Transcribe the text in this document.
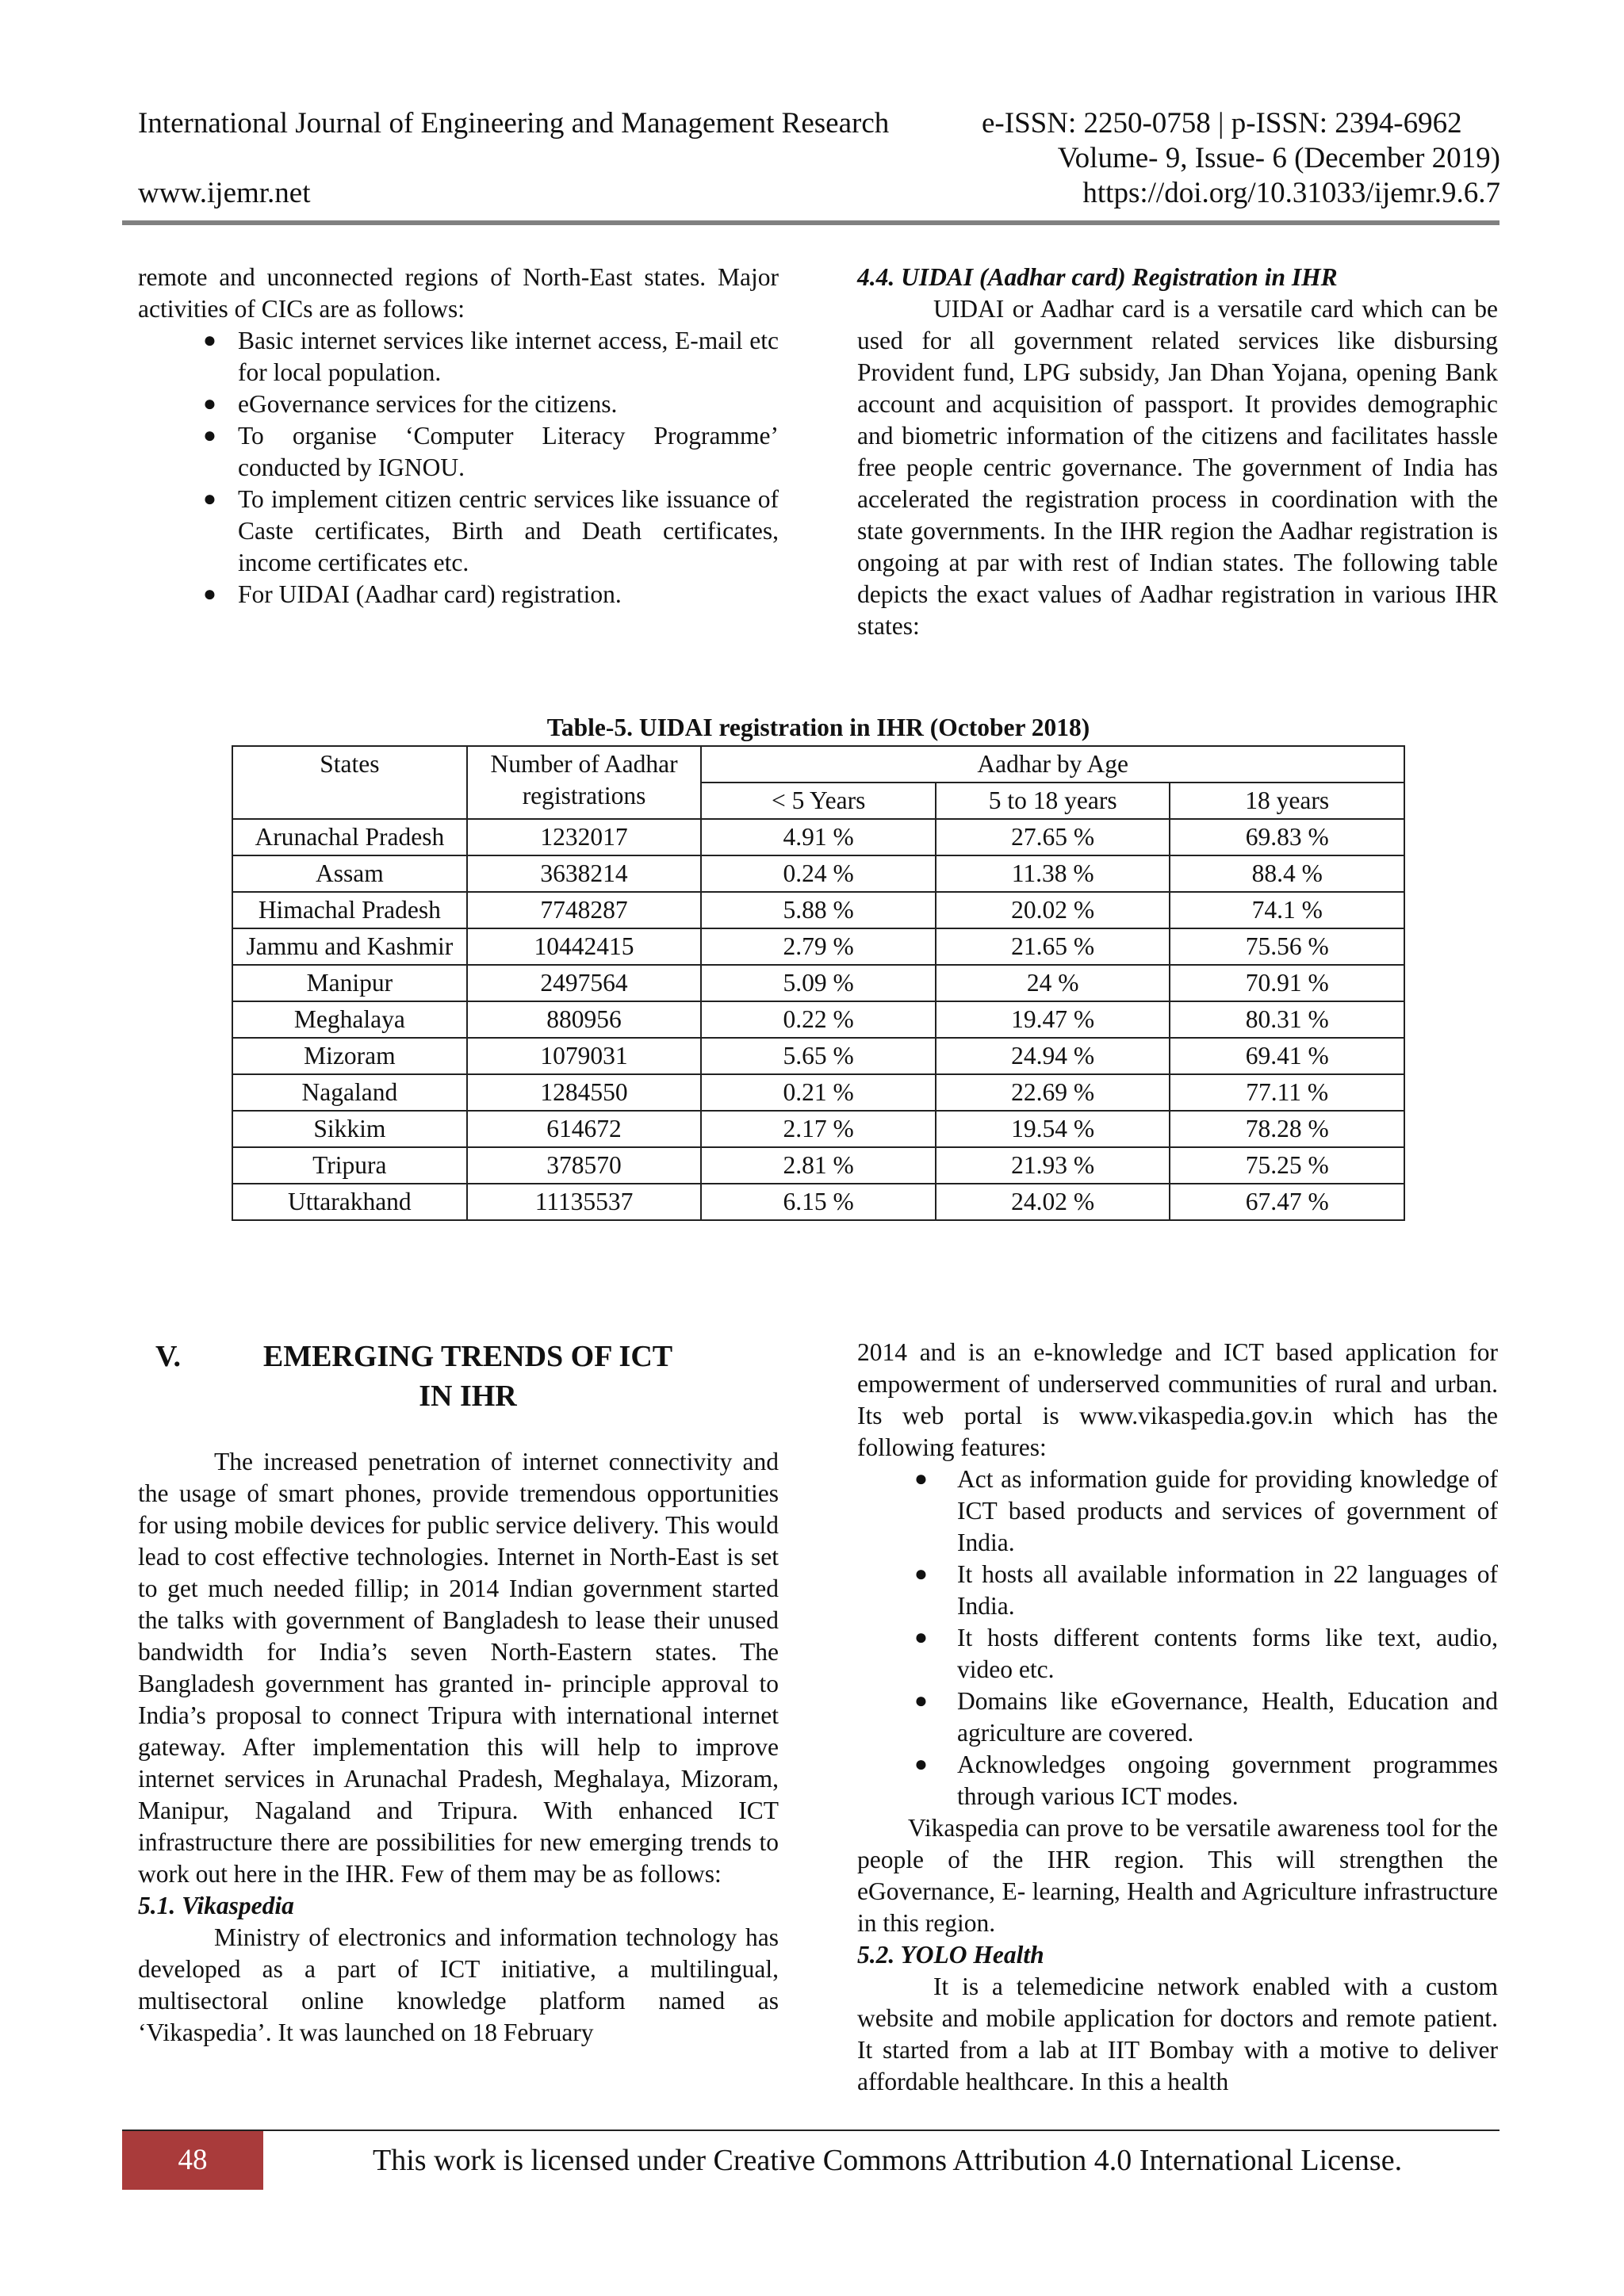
International Journal of Engineering and Management Research	e-ISSN: 2250-0758 | p-ISSN: 2394-6962
Volume- 9, Issue- 6 (December 2019)
www.ijemr.net	https://doi.org/10.31033/ijemr.9.6.7

remote and unconnected regions of North-East states. Major activities of CICs are as follows:

● Basic internet services like internet access, E-mail etc for local population.
● eGovernance services for the citizens.
● To organise ‘Computer Literacy Programme’ conducted by IGNOU.
● To implement citizen centric services like issuance of Caste certificates, Birth and Death certificates, income certificates etc.
● For UIDAI (Aadhar card) registration.

4.4. UIDAI (Aadhar card) Registration in IHR

UIDAI or Aadhar card is a versatile card which can be used for all government related services like disbursing Provident fund, LPG subsidy, Jan Dhan Yojana, opening Bank account and acquisition of passport. It provides demographic and biometric information of the citizens and facilitates hassle free people centric governance. The government of India has accelerated the registration process in coordination with the state governments. In the IHR region the Aadhar registration is ongoing at par with rest of Indian states. The following table depicts the exact values of Aadhar registration in various IHR states:

Table-5. UIDAI registration in IHR (October 2018)
States	Number of Aadhar registrations	Aadhar by Age		
		< 5 Years	5 to 18 years	18 years
Arunachal Pradesh	1232017	4.91 %	27.65 %	69.83 %
Assam	3638214	0.24 %	11.38 %	88.4 %
Himachal Pradesh	7748287	5.88 %	20.02 %	74.1 %
Jammu and Kashmir	10442415	2.79 %	21.65 %	75.56 %
Manipur	2497564	5.09 %	24 %	70.91 %
Meghalaya	880956	0.22 %	19.47 %	80.31 %
Mizoram	1079031	5.65 %	24.94 %	69.41 %
Nagaland	1284550	0.21 %	22.69 %	77.11 %
Sikkim	614672	2.17 %	19.54 %	78.28 %
Tripura	378570	2.81 %	21.93 %	75.25 %
Uttarakhand	11135537	6.15 %	24.02 %	67.47 %
V.	EMERGING TRENDS OF ICT IN IHR

The increased penetration of internet connectivity and the usage of smart phones, provide tremendous opportunities for using mobile devices for public service delivery. This would lead to cost effective technologies. Internet in North-East is set to get much needed fillip; in 2014 Indian government started the talks with government of Bangladesh to lease their unused bandwidth for India’s seven North-Eastern states. The Bangladesh government has granted in- principle approval to India’s proposal to connect Tripura with international internet gateway. After implementation this will help to improve internet services in Arunachal Pradesh, Meghalaya, Mizoram, Manipur, Nagaland and Tripura. With enhanced ICT infrastructure there are possibilities for new emerging trends to work out here in the IHR. Few of them may be as follows:

5.1. Vikaspedia

Ministry of electronics and information technology has developed as a part of ICT initiative, a multilingual, multisectoral online knowledge platform named as ‘Vikaspedia’. It was launched on 18 February

2014 and is an e-knowledge and ICT based application for empowerment of underserved communities of rural and urban. Its web portal is www.vikaspedia.gov.in which has the following features:

● Act as information guide for providing knowledge of ICT based products and services of government of India.
● It hosts all available information in 22 languages of India.
● It hosts different contents forms like text, audio, video etc.
● Domains like eGovernance, Health, Education and agriculture are covered.
● Acknowledges ongoing government programmes through various ICT modes.

Vikaspedia can prove to be versatile awareness tool for the people of the IHR region. This will strengthen the eGovernance, E- learning, Health and Agriculture infrastructure in this region.

5.2. YOLO Health

It is a telemedicine network enabled with a custom website and mobile application for doctors and remote patient. It started from a lab at IIT Bombay with a motive to deliver affordable healthcare. In this a health

48	This work is licensed under Creative Commons Attribution 4.0 International License.
